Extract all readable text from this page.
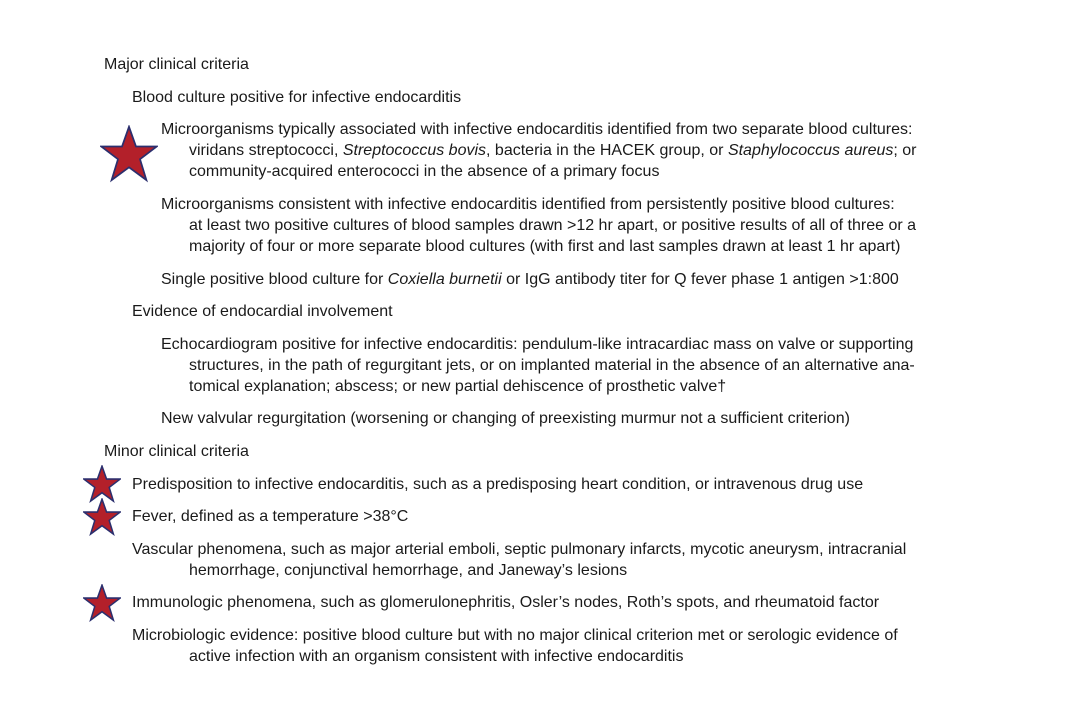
Major clinical criteria
Blood culture positive for infective endocarditis
Microorganisms typically associated with infective endocarditis identified from two separate blood cultures:
viridans streptococci, Streptococcus bovis, bacteria in the HACEK group, or Staphylococcus aureus; or
community-acquired enterococci in the absence of a primary focus
Microorganisms consistent with infective endocarditis identified from persistently positive blood cultures:
at least two positive cultures of blood samples drawn >12 hr apart, or positive results of all of three or a
majority of four or more separate blood cultures (with first and last samples drawn at least 1 hr apart)
Single positive blood culture for Coxiella burnetii or IgG antibody titer for Q fever phase 1 antigen >1:800
Evidence of endocardial involvement
Echocardiogram positive for infective endocarditis: pendulum-like intracardiac mass on valve or supporting
structures, in the path of regurgitant jets, or on implanted material in the absence of an alternative ana-
tomical explanation; abscess; or new partial dehiscence of prosthetic valve†
New valvular regurgitation (worsening or changing of preexisting murmur not a sufficient criterion)
Minor clinical criteria
Predisposition to infective endocarditis, such as a predisposing heart condition, or intravenous drug use
Fever, defined as a temperature >38°C
Vascular phenomena, such as major arterial emboli, septic pulmonary infarcts, mycotic aneurysm, intracranial
hemorrhage, conjunctival hemorrhage, and Janeway’s lesions
Immunologic phenomena, such as glomerulonephritis, Osler’s nodes, Roth’s spots, and rheumatoid factor
Microbiologic evidence: positive blood culture but with no major clinical criterion met or serologic evidence of
active infection with an organism consistent with infective endocarditis
